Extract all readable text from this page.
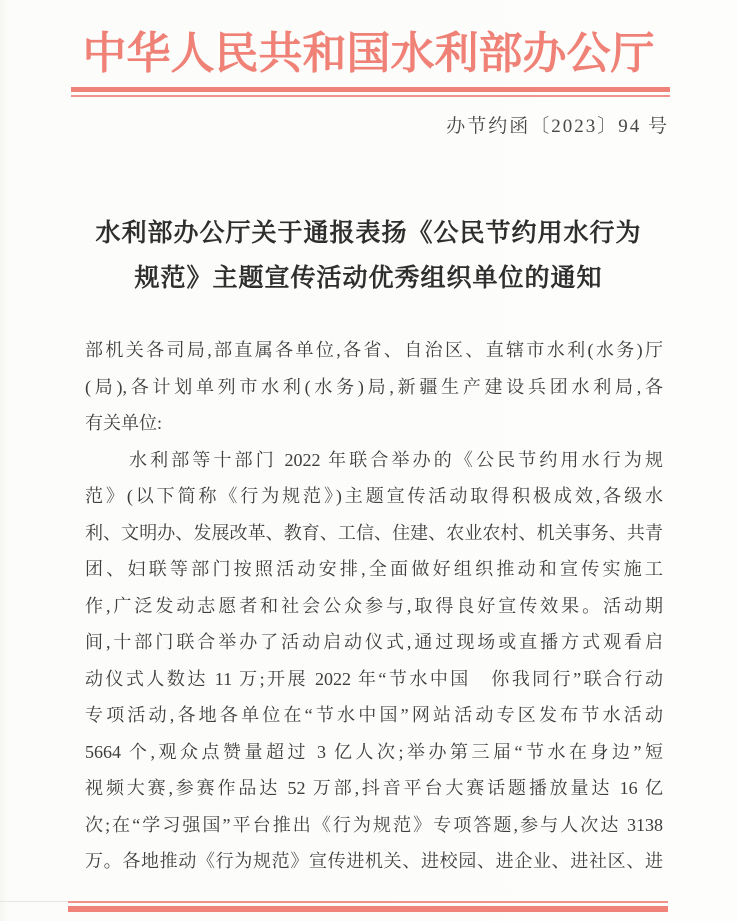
中华人民共和国水利部办公厅
办节约函〔2023〕94 号
水利部办公厅关于通报表扬《公民节约用水行为
规范》主题宣传活动优秀组织单位的通知

部机关各司局,部直属各单位,各省、自治区、直辖市水利(水务)厅

(局),各计划单列市水利(水务)局,新疆生产建设兵团水利局,各

有关单位:

水利部等十部门 2022 年联合举办的《公民节约用水行为规

范》(以下简称《行为规范》)主题宣传活动取得积极成效,各级水

利、文明办、发展改革、教育、工信、住建、农业农村、机关事务、共青

团、妇联等部门按照活动安排,全面做好组织推动和宣传实施工

作,广泛发动志愿者和社会公众参与,取得良好宣传效果。活动期

间,十部门联合举办了活动启动仪式,通过现场或直播方式观看启

动仪式人数达 11 万;开展 2022 年“节水中国　你我同行”联合行动

专项活动,各地各单位在“节水中国”网站活动专区发布节水活动

5664 个,观众点赞量超过 3 亿人次;举办第三届“节水在身边”短

视频大赛,参赛作品达 52 万部,抖音平台大赛话题播放量达 16 亿

次;在“学习强国”平台推出《行为规范》专项答题,参与人次达 3138

万。各地推动《行为规范》宣传进机关、进校园、进企业、进社区、进
